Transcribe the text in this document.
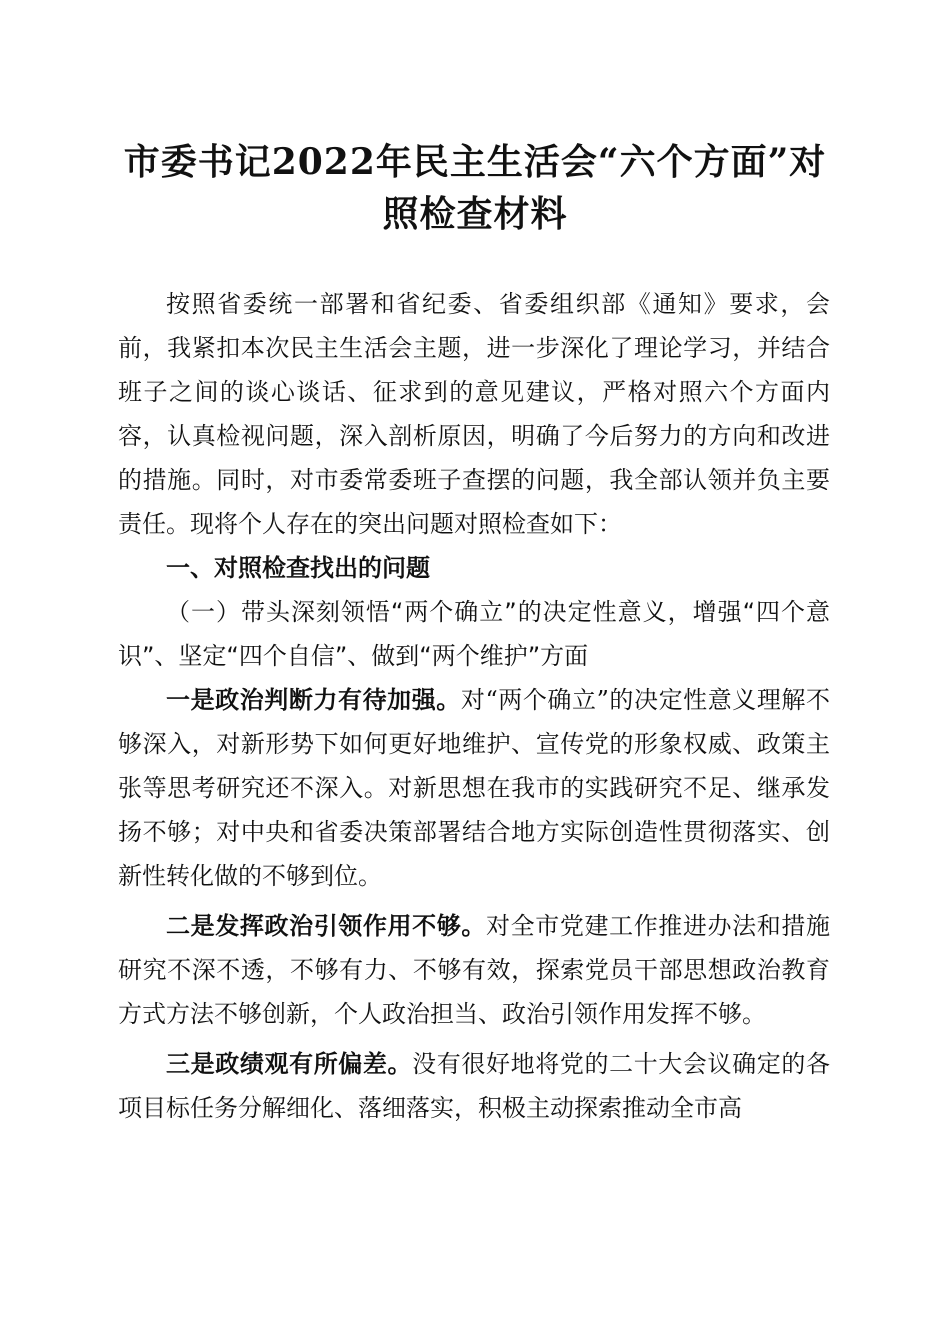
市委书记2022年民主生活会“六个方面”对照检查材料

按照省委统一部署和省纪委、省委组织部《通知》要求，会前，我紧扣本次民主生活会主题，进一步深化了理论学习，并结合班子之间的谈心谈话、征求到的意见建议，严格对照六个方面内容，认真检视问题，深入剖析原因，明确了今后努力的方向和改进的措施。同时，对市委常委班子查摆的问题，我全部认领并负主要责任。现将个人存在的突出问题对照检查如下：

一、对照检查找出的问题

（一）带头深刻领悟“两个确立”的决定性意义，增强“四个意识”、坚定“四个自信”、做到“两个维护”方面

一是政治判断力有待加强。对“两个确立”的决定性意义理解不够深入，对新形势下如何更好地维护、宣传党的形象权威、政策主张等思考研究还不深入。对新思想在我市的实践研究不足、继承发扬不够；对中央和省委决策部署结合地方实际创造性贯彻落实、创新性转化做的不够到位。

二是发挥政治引领作用不够。对全市党建工作推进办法和措施研究不深不透，不够有力、不够有效，探索党员干部思想政治教育方式方法不够创新，个人政治担当、政治引领作用发挥不够。

三是政绩观有所偏差。没有很好地将党的二十大会议确定的各项目标任务分解细化、落细落实，积极主动探索推动全市高
